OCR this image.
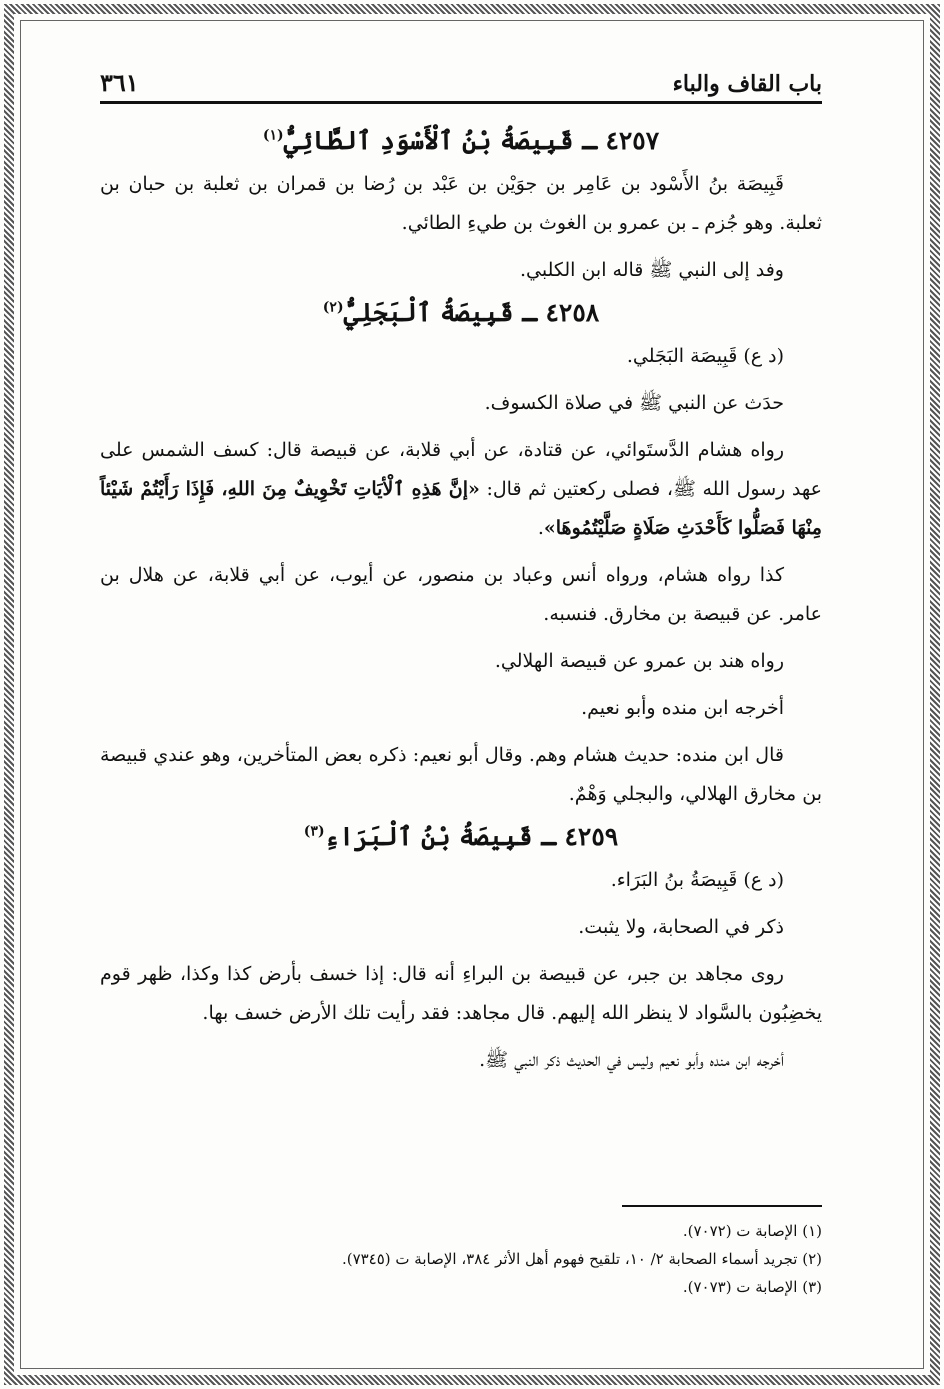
باب القاف والباء
٣٦١
٤٢٥٧ ـ قَبِيصَةُ بْنُ ٱلْأَسْوَدِ ٱلطَّائِيُّ$^{(١)}$

قَبِيصَة بنُ الأَسْود بن عَامِر بن جوَيْن بن عَبْد بن رُضا بن قمران بن ثعلبة بن حبان بن ثعلبة. وهو جُزم ـ بن عمرو بن الغوث بن طيءِ الطائي.

وفد إلى النبي ﷺ قاله ابن الكلبي.

٤٢٥٨ ـ قَبِيصَةُ ٱلْبَجَلِيُّ$^{(٢)}$

(د ع) قَبِيصَة البَجَلي.

حدَث عن النبي ﷺ في صلاة الكسوف.

رواه هشام الدَّستَوائي، عن قتادة، عن أبي قلابة، عن قبيصة قال: كسف الشمس على عهد رسول الله ﷺ، فصلى ركعتين ثم قال: «إنَّ هَذِهِ ٱلْأيَاتِ تَخْوِيفٌ مِنَ اللهِ، فَإِذَا رَأَيْتُمْ شَيْئاً مِنْهَا فَصَلُّوا كَأَحْدَثِ صَلَاةٍ صَلَّيْتُمُوهَا».

كذا رواه هشام، ورواه أنس وعباد بن منصور، عن أيوب، عن أبي قلابة، عن هلال بن عامر. عن قبيصة بن مخارق. فنسبه.

رواه هند بن عمرو عن قبيصة الهلالي.

أخرجه ابن منده وأبو نعيم.

قال ابن منده: حديث هشام وهم. وقال أبو نعيم: ذكره بعض المتأخرين، وهو عندي قبيصة بن مخارق الهلالي، والبجلي وَهْمٌ.

٤٢٥٩ ـ قَبِيصَةُ بْنُ ٱلْبَرَاءِ$^{(٣)}$

(د ع) قَبِيصَةُ بنُ البَرَاء.

ذكر في الصحابة، ولا يثبت.

روى مجاهد بن جبر، عن قبيصة بن البراءِ أنه قال: إذا خسف بأرض كذا وكذا، ظهر قوم يخضِبُون بالسَّواد لا ينظر الله إليهم. قال مجاهد: فقد رأيت تلك الأرض خسف بها.

أخرجه ابن منده وأبو نعيم وليس في الحديث ذكر النبي ﷺ.

(١) الإصابة ت (٧٠٧٢).

(٢) تجريد أسماء الصحابة ٢/ ١٠، تلقيح فهوم أهل الأثر ٣٨٤، الإصابة ت (٧٣٤٥).

(٣) الإصابة ت (٧٠٧٣).
